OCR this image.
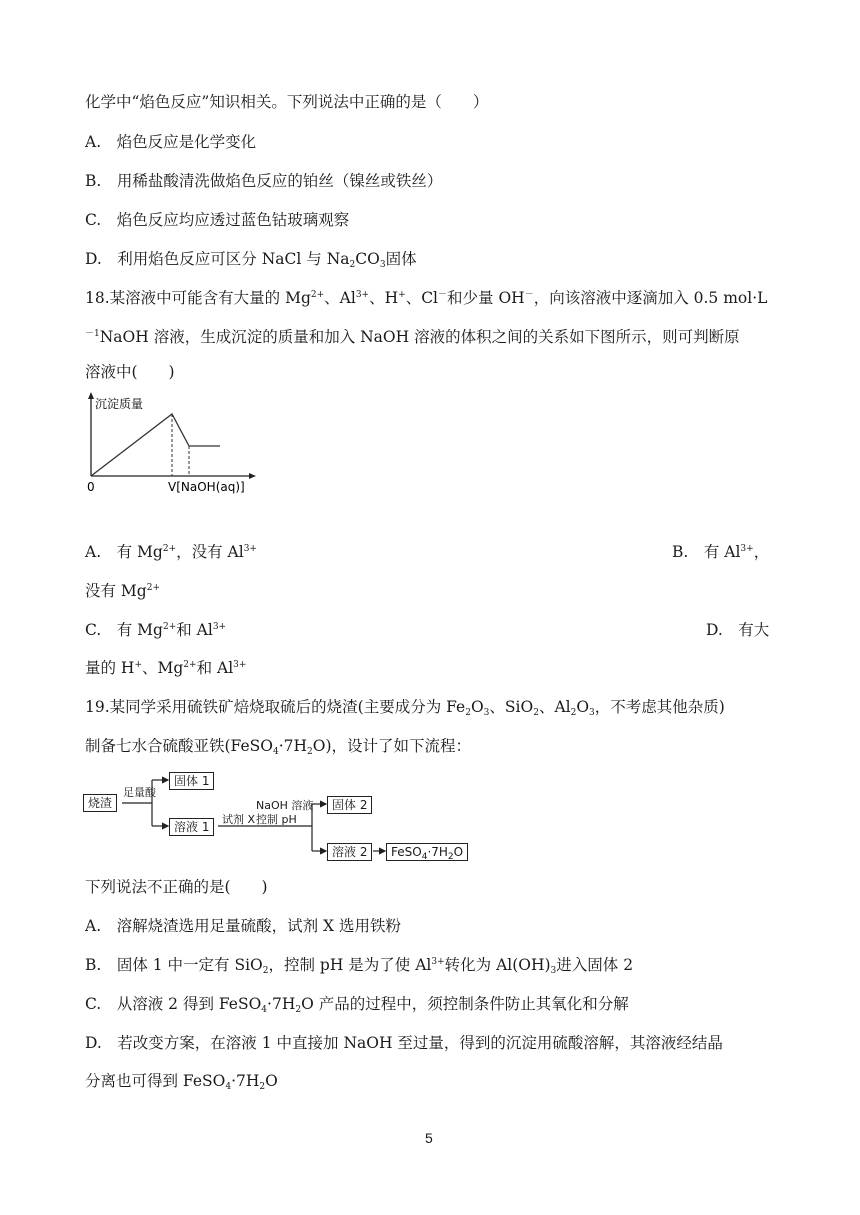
化学中“焰色反应”知识相关。下列说法中正确的是（　　）
A.　焰色反应是化学变化
B.　用稀盐酸清洗做焰色反应的铂丝（镍丝或铁丝）
C.　焰色反应均应透过蓝色钴玻璃观察
D.　利用焰色反应可区分 NaCl 与 $Na_2CO_3$固体
18.某溶液中可能含有大量的 $Mg^{2+}$、$Al^{3+}$、H+、Cl－和少量 OH－，向该溶液中逐滴加入 0.5 mol·L
$^{-1}$NaOH 溶液，生成沉淀的质量和加入 NaOH 溶液的体积之间的关系如下图所示，则可判断原
溶液中(　　)
沉淀质量
0	V[NaOH(aq)]
A.　有 $Mg^{2+}$，没有 $Al^{3+}$	B.　有 $Al^{3+}$，
没有 $Mg^{2+}$
C.　有 $Mg^{2+}$和 $Al^{3+}$	D.　有大
量的 H+、$Mg^{2+}$和 $Al^{3+}$
19.某同学采用硫铁矿焙烧取硫后的烧渣(主要成分为 $Fe_2O_3$、SiO$_2$、$Al_2O_3$，不考虑其他杂质)
制备七水合硫酸亚铁$(FeSO_4\cdot 7H_2O)$，设计了如下流程：
烧渣
足量酸
固体 1
溶液 1
试剂 X
NaOH 溶液
控制 pH
固体 2
溶液 2	$FeSO_4\cdot 7H_2O$
下列说法不正确的是(　　)
A.　溶解烧渣选用足量硫酸，试剂 X 选用铁粉
B.　固体 1 中一定有 SiO$_2$，控制 pH 是为了使 $Al^{3+}$转化为 $Al(OH)_3$进入固体 2
C.　从溶液 2 得到 $FeSO_4\cdot 7H_2O$ 产品的过程中，须控制条件防止其氧化和分解
D.　若改变方案，在溶液 1 中直接加 NaOH 至过量，得到的沉淀用硫酸溶解，其溶液经结晶
分离也可得到 $FeSO_4\cdot 7H_2O$
5
